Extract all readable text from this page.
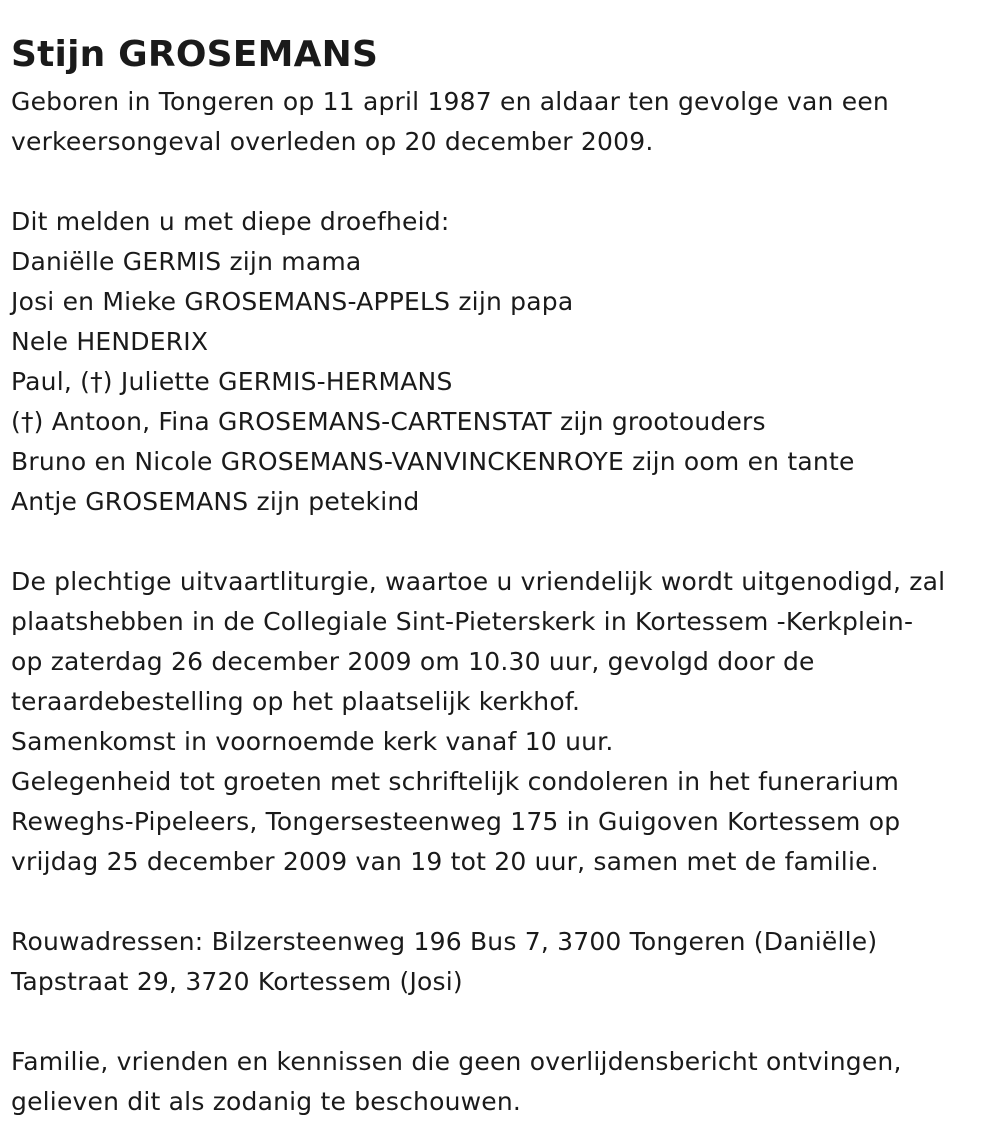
Stijn GROSEMANS
Geboren in Tongeren op 11 april 1987 en aldaar ten gevolge van een
verkeersongeval overleden op 20 december 2009.
Dit melden u met diepe droefheid:
Daniëlle GERMIS zijn mama
Josi en Mieke GROSEMANS-APPELS zijn papa
Nele HENDERIX
Paul, (†) Juliette GERMIS-HERMANS
(†) Antoon, Fina GROSEMANS-CARTENSTAT zijn grootouders
Bruno en Nicole GROSEMANS-VANVINCKENROYE zijn oom en tante
Antje GROSEMANS zijn petekind
De plechtige uitvaartliturgie, waartoe u vriendelijk wordt uitgenodigd, zal
plaatshebben in de Collegiale Sint-Pieterskerk in Kortessem -Kerkplein-
op zaterdag 26 december 2009 om 10.30 uur, gevolgd door de
teraardebestelling op het plaatselijk kerkhof.
Samenkomst in voornoemde kerk vanaf 10 uur.
Gelegenheid tot groeten met schriftelijk condoleren in het funerarium
Reweghs-Pipeleers, Tongersesteenweg 175 in Guigoven Kortessem op
vrijdag 25 december 2009 van 19 tot 20 uur, samen met de familie.
Rouwadressen: Bilzersteenweg 196 Bus 7, 3700 Tongeren (Daniëlle)
Tapstraat 29, 3720 Kortessem (Josi)
Familie, vrienden en kennissen die geen overlijdensbericht ontvingen,
gelieven dit als zodanig te beschouwen.
